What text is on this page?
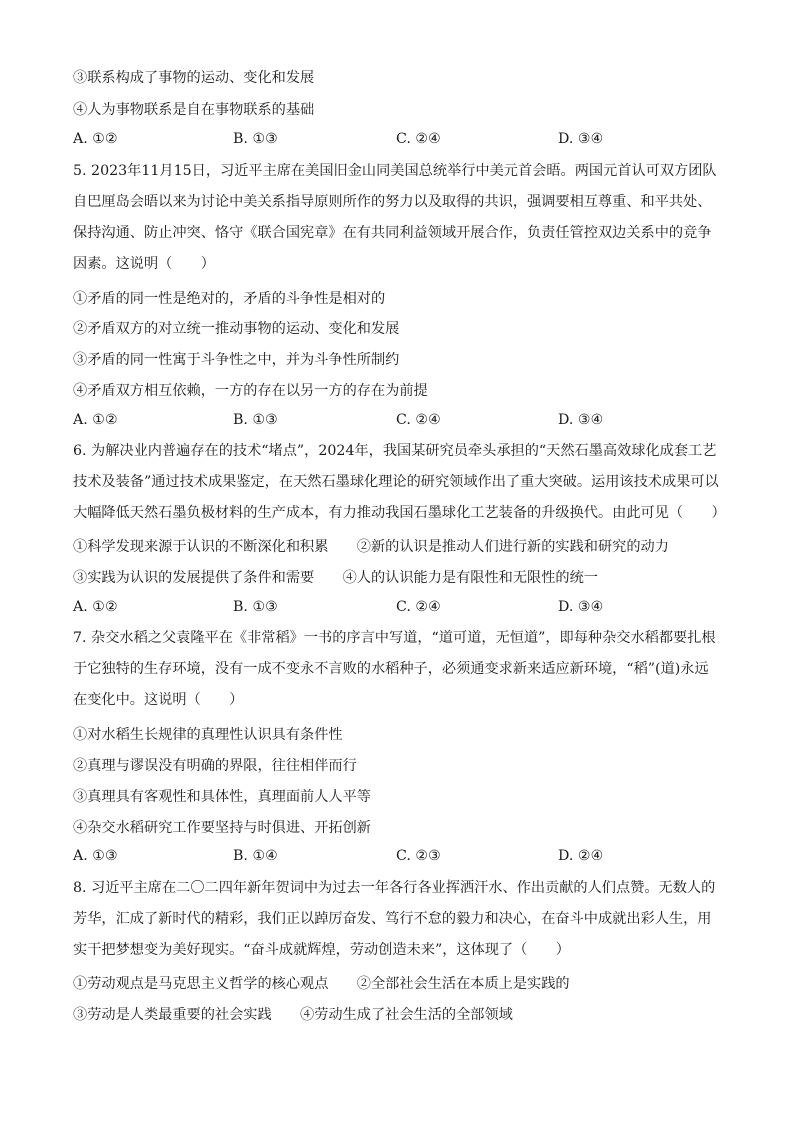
③联系构成了事物的运动、变化和发展
④人为事物联系是自在事物联系的基础
A. ①②	B. ①③	C. ②④	D. ③④
5. 2023年11月15日，习近平主席在美国旧金山同美国总统举行中美元首会晤。两国元首认可双方团队自巴厘岛会晤以来为讨论中美关系指导原则所作的努力以及取得的共识，强调要相互尊重、和平共处、保持沟通、防止冲突、恪守《联合国宪章》在有共同利益领域开展合作，负责任管控双边关系中的竞争因素。这说明（　　）
①矛盾的同一性是绝对的，矛盾的斗争性是相对的
②矛盾双方的对立统一推动事物的运动、变化和发展
③矛盾的同一性寓于斗争性之中，并为斗争性所制约
④矛盾双方相互依赖，一方的存在以另一方的存在为前提
A. ①②	B. ①③	C. ②④	D. ③④
6. 为解决业内普遍存在的技术“堵点”，2024年，我国某研究员牵头承担的“天然石墨高效球化成套工艺技术及装备”通过技术成果鉴定，在天然石墨球化理论的研究领域作出了重大突破。运用该技术成果可以大幅降低天然石墨负极材料的生产成本，有力推动我国石墨球化工艺装备的升级换代。由此可见（　　）
①科学发现来源于认识的不断深化和积累　　②新的认识是推动人们进行新的实践和研究的动力
③实践为认识的发展提供了条件和需要　　④人的认识能力是有限性和无限性的统一
A. ①②	B. ①③	C. ②④	D. ③④
7. 杂交水稻之父袁隆平在《非常稻》一书的序言中写道，“道可道，无恒道”，即每种杂交水稻都要扎根于它独特的生存环境，没有一成不变永不言败的水稻种子，必须通变求新来适应新环境，“稻”(道)永远在变化中。这说明（　　）
①对水稻生长规律的真理性认识具有条件性
②真理与谬误没有明确的界限，往往相伴而行
③真理具有客观性和具体性，真理面前人人平等
④杂交水稻研究工作要坚持与时俱进、开拓创新
A. ①③	B. ①④	C. ②③	D. ②④
8. 习近平主席在二〇二四年新年贺词中为过去一年各行各业挥洒汗水、作出贡献的人们点赞。无数人的芳华，汇成了新时代的精彩，我们正以踔厉奋发、笃行不怠的毅力和决心，在奋斗中成就出彩人生，用实干把梦想变为美好现实。“奋斗成就辉煌，劳动创造未来”，这体现了（　　）
①劳动观点是马克思主义哲学的核心观点　　②全部社会生活在本质上是实践的
③劳动是人类最重要的社会实践　　④劳动生成了社会生活的全部领域
